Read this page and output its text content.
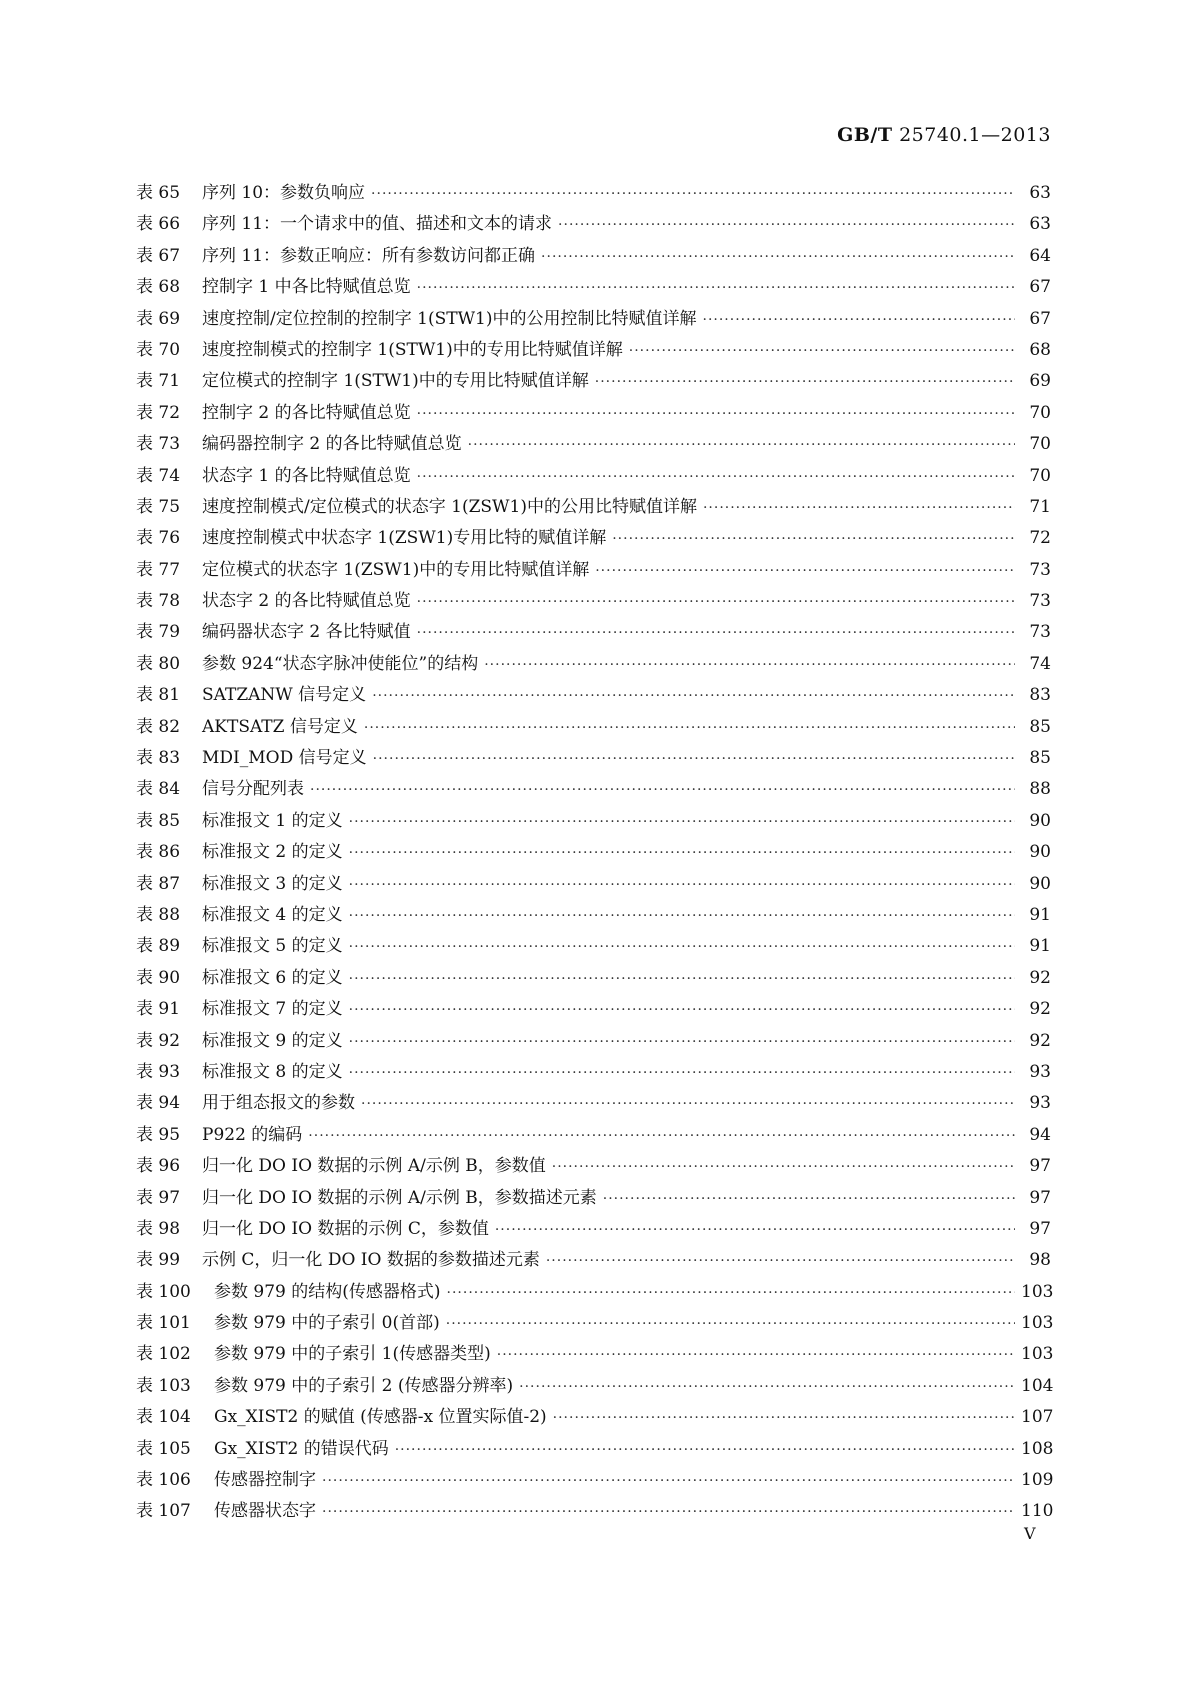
GB/T 25740.1—2013
表 65	序列 10：参数负响应 ·····	63
表 66	序列 11：一个请求中的值、描述和文本的请求 ·····	63
表 67	序列 11：参数正响应：所有参数访问都正确 ·····	64
表 68	控制字 1 中各比特赋值总览 ·····	67
表 69	速度控制/定位控制的控制字 1(STW1)中的公用控制比特赋值详解 ·····	67
表 70	速度控制模式的控制字 1(STW1)中的专用比特赋值详解 ·····	68
表 71	定位模式的控制字 1(STW1)中的专用比特赋值详解 ·····	69
表 72	控制字 2 的各比特赋值总览 ·····	70
表 73	编码器控制字 2 的各比特赋值总览 ·····	70
表 74	状态字 1 的各比特赋值总览 ·····	70
表 75	速度控制模式/定位模式的状态字 1(ZSW1)中的公用比特赋值详解 ·····	71
表 76	速度控制模式中状态字 1(ZSW1)专用比特的赋值详解 ·····	72
表 77	定位模式的状态字 1(ZSW1)中的专用比特赋值详解 ·····	73
表 78	状态字 2 的各比特赋值总览 ·····	73
表 79	编码器状态字 2 各比特赋值 ·····	73
表 80	参数 924“状态字脉冲使能位”的结构 ·····	74
表 81	SATZANW 信号定义 ·····	83
表 82	AKTSATZ 信号定义 ·····	85
表 83	MDI_MOD 信号定义 ·····	85
表 84	信号分配列表 ·····	88
表 85	标准报文 1 的定义 ·····	90
表 86	标准报文 2 的定义 ·····	90
表 87	标准报文 3 的定义 ·····	90
表 88	标准报文 4 的定义 ·····	91
表 89	标准报文 5 的定义 ·····	91
表 90	标准报文 6 的定义 ·····	92
表 91	标准报文 7 的定义 ·····	92
表 92	标准报文 9 的定义 ·····	92
表 93	标准报文 8 的定义 ·····	93
表 94	用于组态报文的参数 ·····	93
表 95	P922 的编码 ·····	94
表 96	归一化 DO IO 数据的示例 A/示例 B，参数值 ·····	97
表 97	归一化 DO IO 数据的示例 A/示例 B，参数描述元素 ·····	97
表 98	归一化 DO IO 数据的示例 C，参数值 ·····	97
表 99	示例 C，归一化 DO IO 数据的参数描述元素 ·····	98
表 100	参数 979 的结构(传感器格式) ·····	103
表 101	参数 979 中的子索引 0(首部) ·····	103
表 102	参数 979 中的子索引 1(传感器类型) ·····	103
表 103	参数 979 中的子索引 2 (传感器分辨率) ·····	104
表 104	Gx_XIST2 的赋值 (传感器-x 位置实际值-2) ·····	107
表 105	Gx_XIST2 的错误代码 ·····	108
表 106	传感器控制字 ·····	109
表 107	传感器状态字 ·····	110
V
